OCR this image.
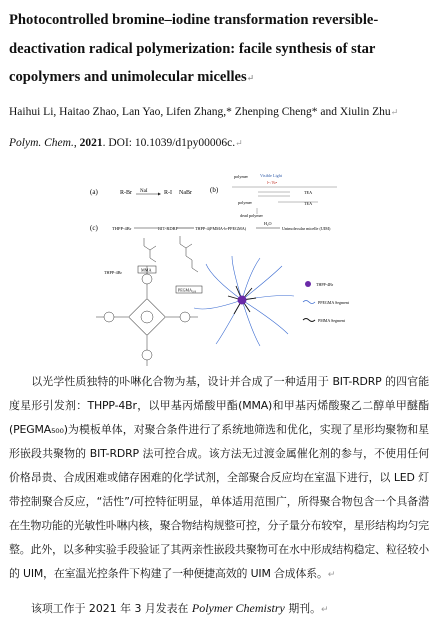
Photocontrolled bromine–iodine transformation reversible-deactivation radical polymerization: facile synthesis of star copolymers and unimolecular micelles↵
Haihui Li, Haitao Zhao, Lan Yao, Lifen Zhang,* Zhenping Cheng* and Xiulin Zhu↵
Polym. Chem., 2021. DOI: 10.1039/d1py00006c.↵
(a)	R-Br NaI	R-I NaBr	(b)
polymer	Visible Light
TEA
polymer	TEA
dead polymer
I• / Br•
(c)	THPP-4Br	BIT-RDRP	THPP-4(PMMA-b-PPEGMA)
H₂O
Unimolecular micelle (UIM)
MMA
PEGMA₅₀₀
THPP-4Br
THPP-4Br
PPEGMA Segment
PMMA Segment
以光学性质独特的卟啉化合物为基，设计并合成了一种适用于 BIT-RDRP 的四官能度星形引发剂：THPP-4Br，以甲基丙烯酸甲酯(MMA)和甲基丙烯酸聚乙二醇单甲醚酯(PEGMA₅₀₀)为模板单体，对聚合条件进行了系统地筛选和优化，实现了星形均聚物和星形嵌段共聚物的 BIT-RDRP 法可控合成。该方法无过渡金属催化剂的参与，不使用任何价格昂贵、合成困难或储存困难的化学试剂，全部聚合反应均在室温下进行，以 LED 灯带控制聚合反应，“活性”/可控特征明显，单体适用范围广，所得聚合物包含一个具备潜在生物功能的光敏性卟啉内核，聚合物结构规整可控，分子量分布较窄，星形结构均匀完整。此外，以多种实验手段验证了其两亲性嵌段共聚物可在水中形成结构稳定、粒径较小的 UIM，在室温光控条件下构建了一种便捷高效的 UIM 合成体系。↵
该项工作于 2021 年 3 月发表在 Polymer Chemistry 期刊。↵
